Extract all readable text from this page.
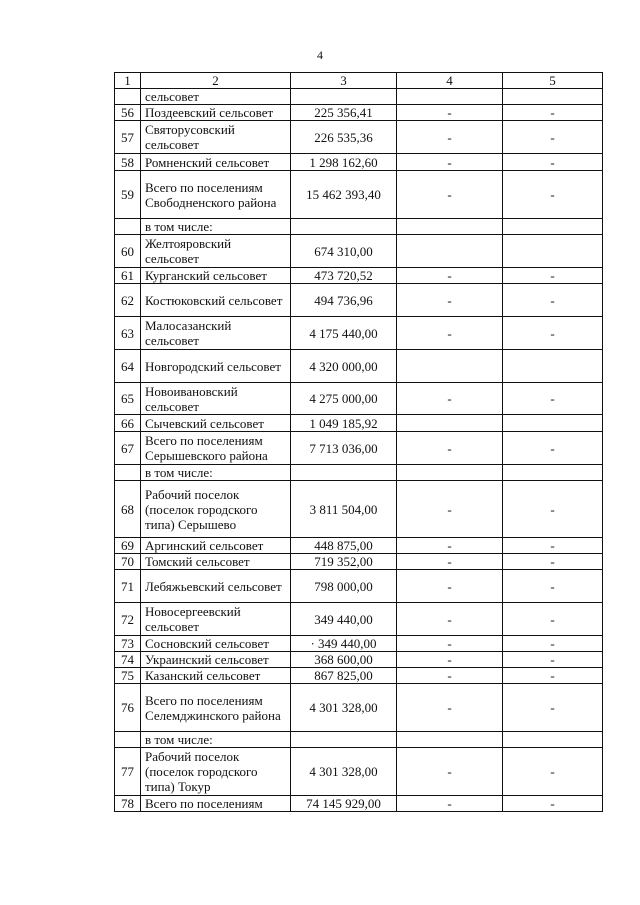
4
1	2	3	4	5
	сельсовет			
56	Поздеевский сельсовет	225 356,41	-	-
57	Святорусовский сельсовет	226 535,36	-	-
58	Ромненский сельсовет	1 298 162,60	-	-
59	Всего по поселениям Свободненского района	15 462 393,40	-	-
	в том числе:			
60	Желтояровский сельсовет	674 310,00		
61	Курганский сельсовет	473 720,52	-	-
62	Костюковский сельсовет	494 736,96	-	-
63	Малосазанский сельсовет	4 175 440,00	-	-
64	Новгородский сельсовет	4 320 000,00		
65	Новоивановский сельсовет	4 275 000,00	-	-
66	Сычевский сельсовет	1 049 185,92		
67	Всего по поселениям Серышевского района	7 713 036,00	-	-
	в том числе:			
68	Рабочий поселок (поселок городского типа) Серышево	3 811 504,00	-	-
69	Аргинский сельсовет	448 875,00	-	-
70	Томский сельсовет	719 352,00	-	-
71	Лебяжьевский сельсовет	798 000,00	-	-
72	Новосергеевский сельсовет	349 440,00	-	-
73	Сосновский сельсовет	· 349 440,00	-	-
74	Украинский сельсовет	368 600,00	-	-
75	Казанский сельсовет	867 825,00	-	-
76	Всего по поселениям Селемджинского района	4 301 328,00	-	-
	в том числе:			
77	Рабочий поселок (поселок городского типа) Токур	4 301 328,00	-	-
78	Всего по поселениям	74 145 929,00	-	-
